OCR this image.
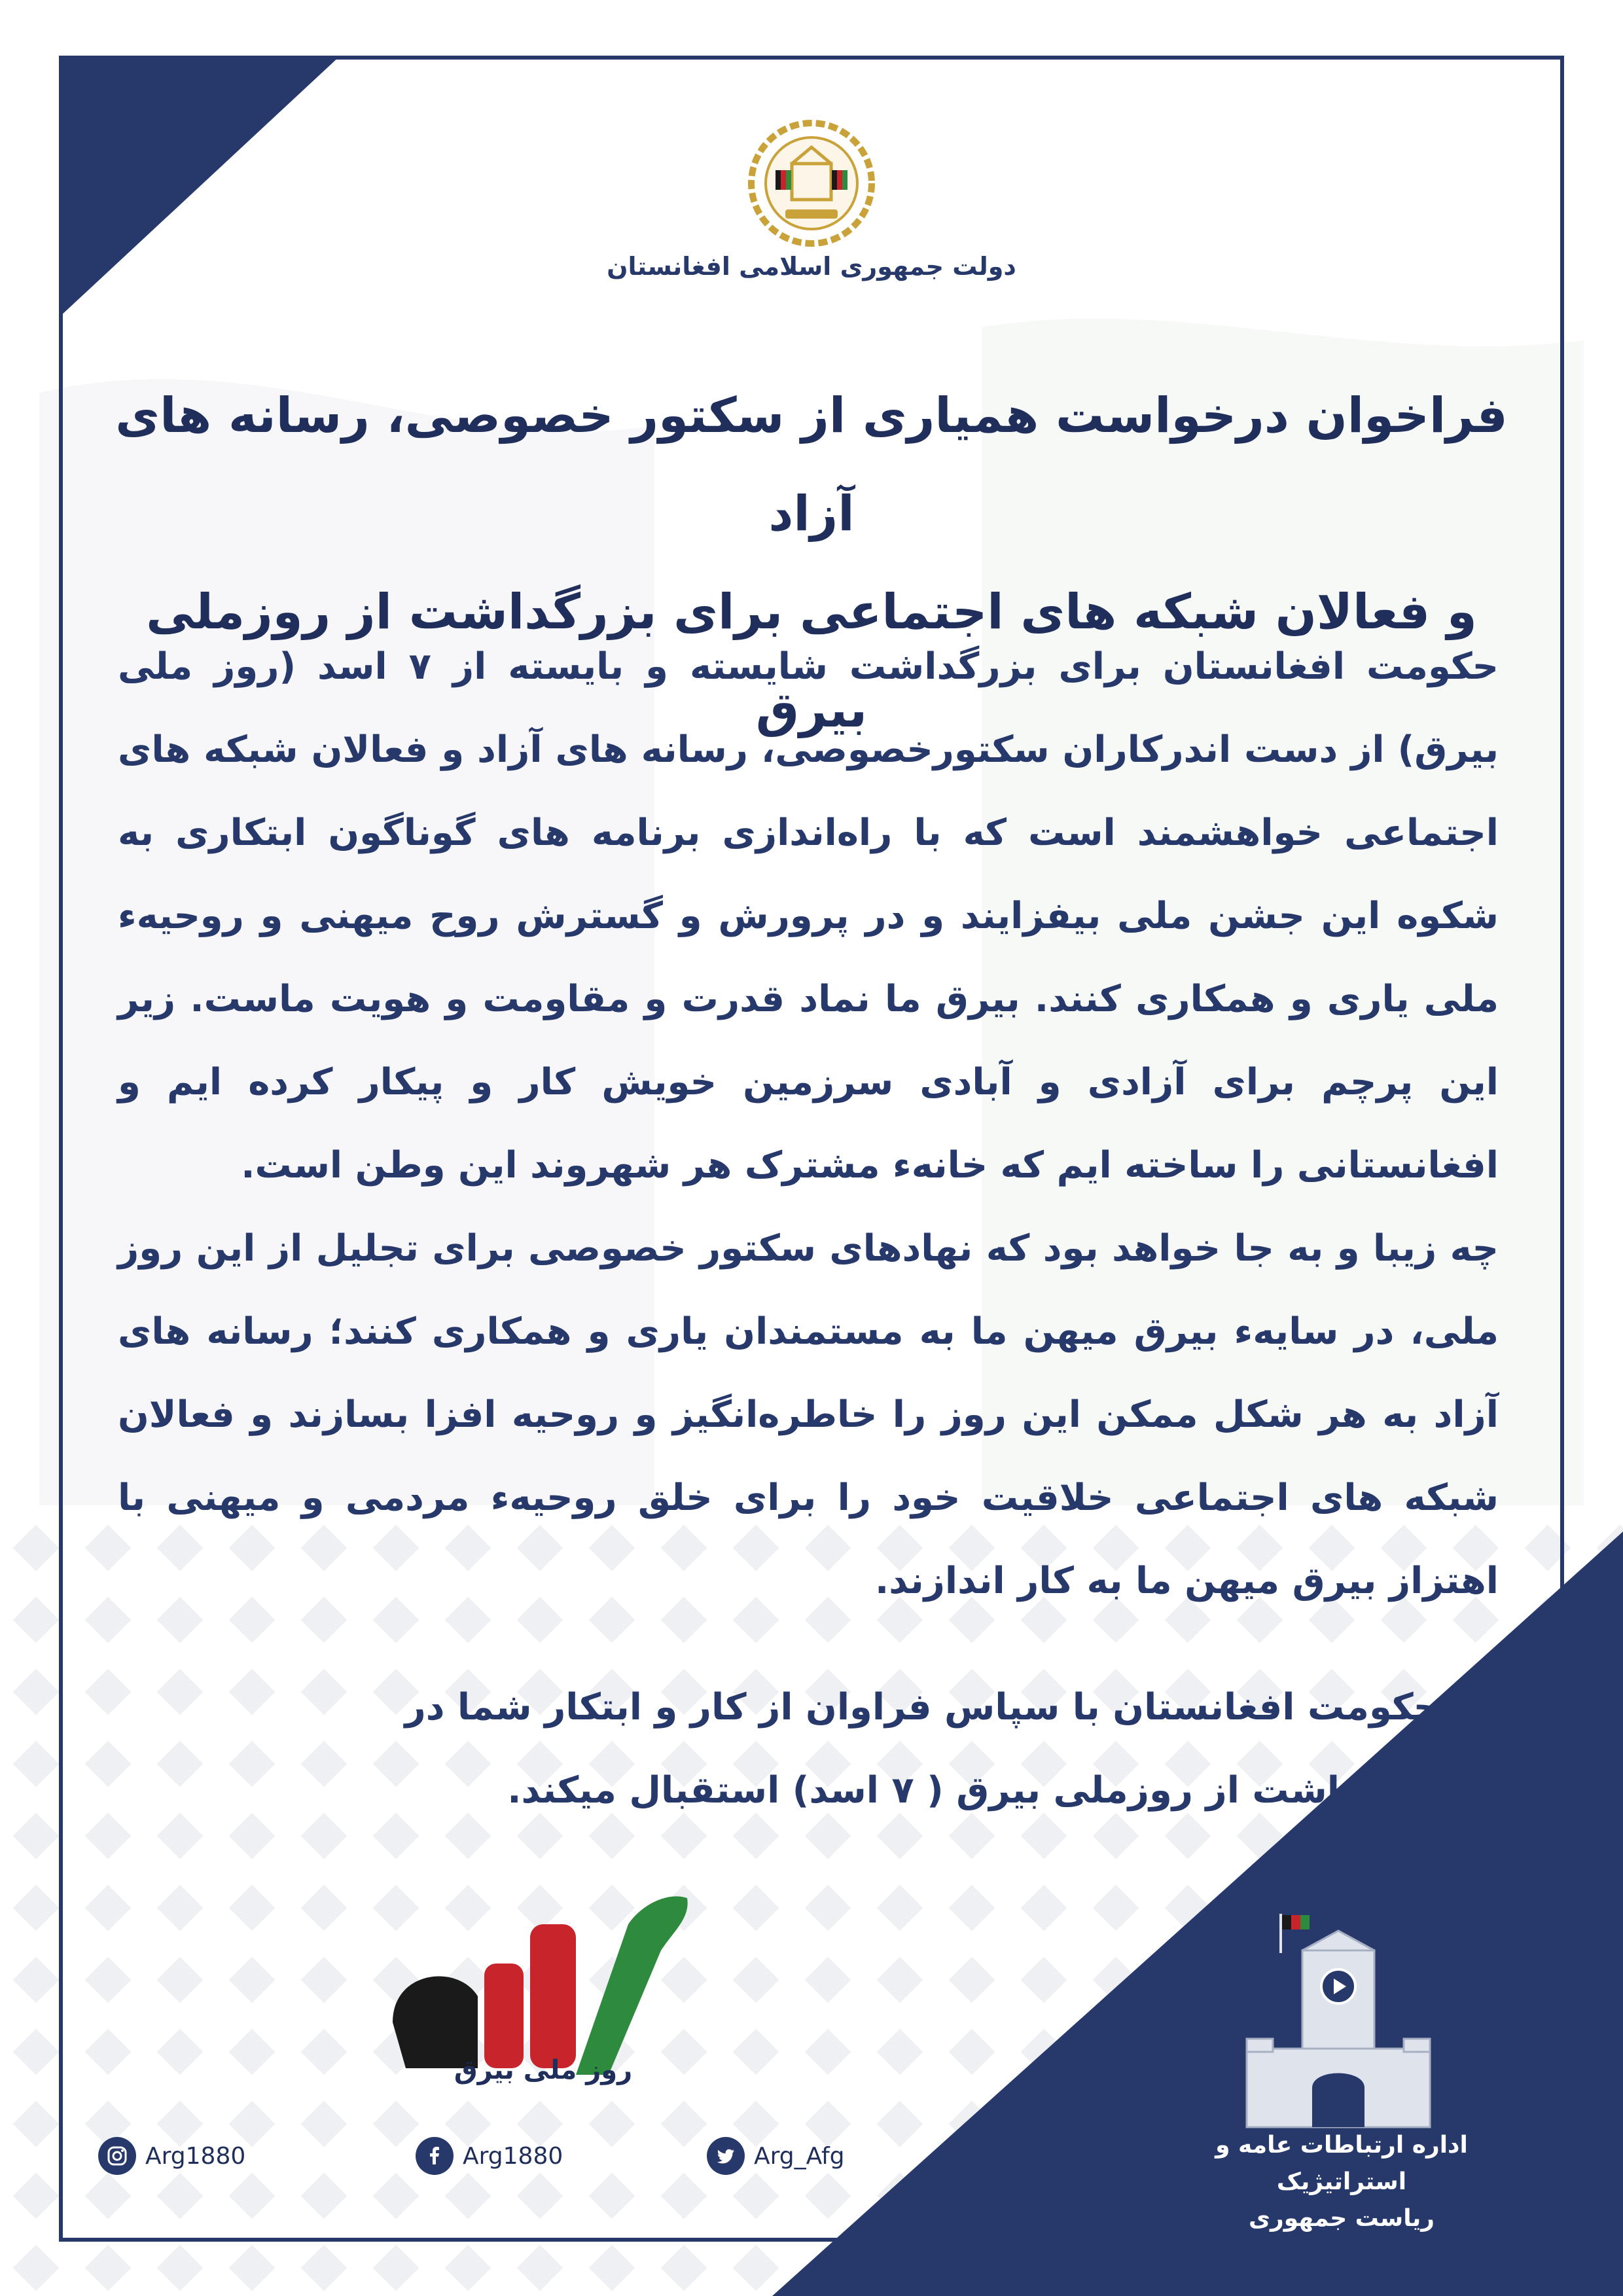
دولت جمهوری اسلامی افغانستان
فراخوان درخواست همیاری از سکتور خصوصی، رسانه های آزاد
و فعالان شبکه های اجتماعی برای بزرگداشت از روزملی بیرق

حکومت افغانستان برای بزرگداشت شایسته و بایسته از ۷ اسد (روز ملی بیرق) از دست اندرکاران سکتورخصوصی، رسانه های آزاد و فعالان شبکه های اجتماعی خواهشمند است که با راه‌اندازی برنامه های گوناگون ابتکاری به شکوه این جشن ملی بیفزایند و در پرورش و گسترش روح میهنی و روحیهء ملی یاری و همکاری کنند. بیرق ما نماد قدرت و مقاومت و هویت ماست. زیر این پرچم برای آزادی و آبادی سرزمین خویش کار و پیکار کرده ایم و افغانستانی را ساخته ایم که خانهء مشترک هر شهروند این وطن است.

چه زیبا و به جا خواهد بود که نهادهای سکتور خصوصی برای تجلیل از این روز ملی، در سایهء بیرق میهن ما به مستمندان یاری و همکاری کنند؛ رسانه های آزاد به هر شکل ممکن این روز را خاطره‌انگیز و روحیه افزا بسازند و فعالان شبکه های اجتماعی خلاقیت خود را برای خلق روحیهء مردمی و میهنی با اهتزاز بیرق میهن ما به کار اندازند.

حکومت افغانستان با سپاس فراوان از کار و ابتکار شما در بزرگداشت از روزملی بیرق ( ۷ اسد) استقبال میکند.

روز ملی بیرق
Arg1880	Arg1880	Arg_Afg	اداره ارتباطات عامه و استراتیژیک
ریاست جمهوری
